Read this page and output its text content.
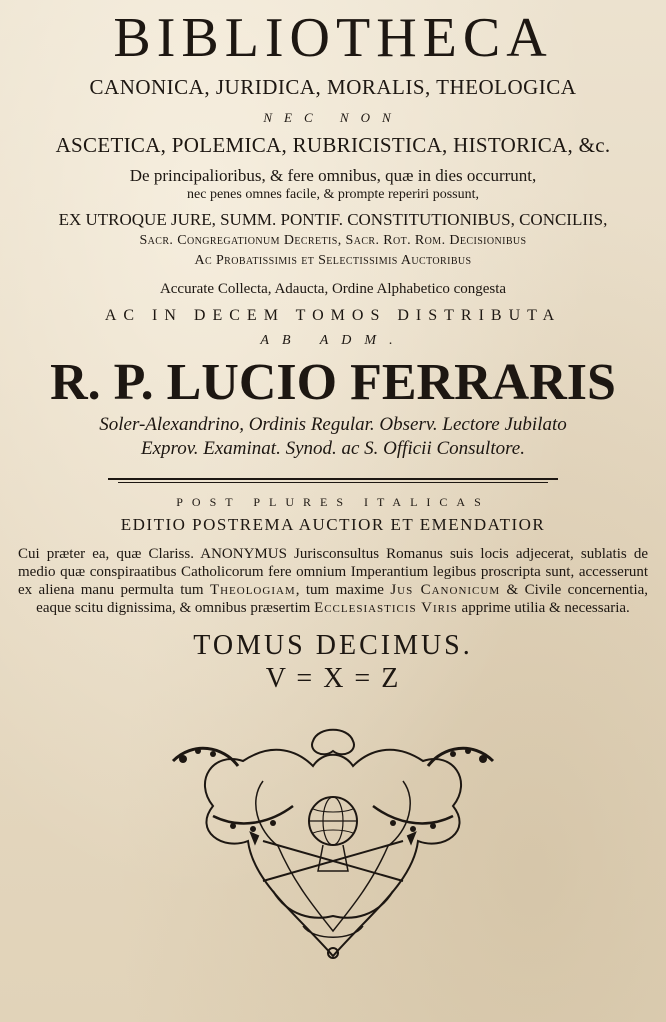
BIBLIOTHECA
CANONICA, JURIDICA, MORALIS, THEOLOGICA
NEC NON
ASCETICA, POLEMICA, RUBRICISTICA, HISTORICA, &c.
De principalioribus, & fere omnibus, quæ in dies occurrunt,
nec penes omnes facile, & prompte reperiri possunt,
EX UTROQUE JURE, SUMM. PONTIF. CONSTITUTIONIBUS, CONCILIIS,
Sacr. Congregationum Decretis, Sacr. Rot. Rom. Decisionibus
Ac Probatissimis et Selectissimis Auctoribus
Accurate Collecta, Adaucta, Ordine Alphabetico congesta
AC IN DECEM TOMOS DISTRIBUTA
AB ADM.
R. P. LUCIO FERRARIS
Soler-Alexandrino, Ordinis Regular. Observ. Lectore Jubilato
Exprov. Examinat. Synod. ac S. Officii Consultore.
POST PLURES ITALICAS
EDITIO POSTREMA AUCTIOR ET EMENDATIOR

Cui præter ea, quæ Clariss. ANONYMUS Jurisconsultus Romanus suis locis adjecerat, sublatis de medio quæ conspiraatibus Catholicorum fere omnium Imperantium legibus proscripta sunt, accesserunt ex aliena manu permulta tum Theologiam, tum maxime Jus Canonicum & Civile concernentia, eaque scitu dignissima, & omnibus præsertim Ecclesiasticis Viris apprime utilia & necessaria.

TOMUS DECIMUS.
V = X = Z
